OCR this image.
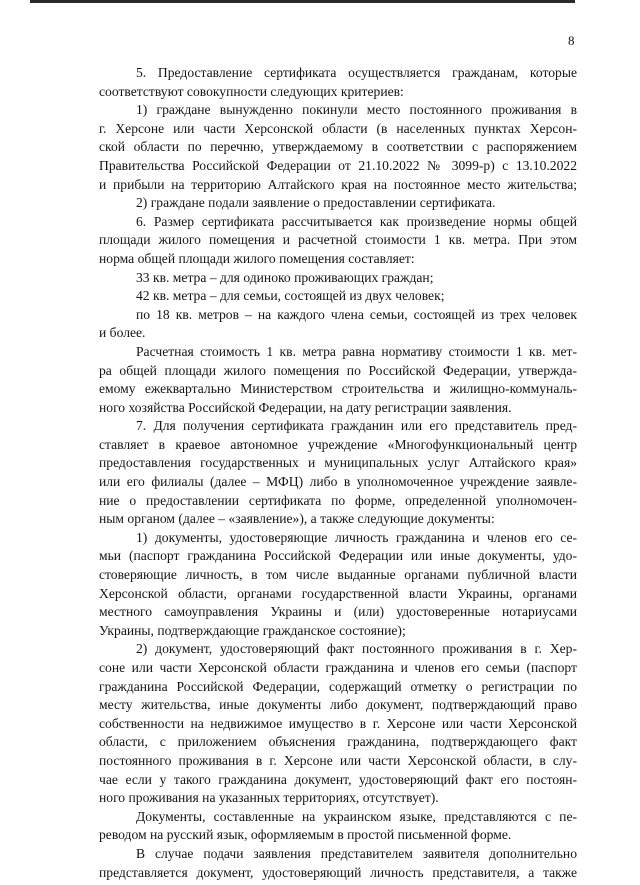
8
5. Предоставление сертификата осуществляется гражданам, которые
соответствуют совокупности следующих критериев:
1) граждане вынужденно покинули место постоянного проживания в
г. Херсоне или части Херсонской области (в населенных пунктах Херсон-
ской области по перечню, утверждаемому в соответствии с распоряжением
Правительства Российской Федерации от 21.10.2022 № 3099-р) с 13.10.2022
и прибыли на территорию Алтайского края на постоянное место жительства;
2) граждане подали заявление о предоставлении сертификата.
6. Размер сертификата рассчитывается как произведение нормы общей
площади жилого помещения и расчетной стоимости 1 кв. метра. При этом
норма общей площади жилого помещения составляет:
33 кв. метра – для одиноко проживающих граждан;
42 кв. метра – для семьи, состоящей из двух человек;
по 18 кв. метров – на каждого члена семьи, состоящей из трех человек
и более.
Расчетная стоимость 1 кв. метра равна нормативу стоимости 1 кв. мет-
ра общей площади жилого помещения по Российской Федерации, утвержда-
емому ежеквартально Министерством строительства и жилищно-коммуналь-
ного хозяйства Российской Федерации, на дату регистрации заявления.
7. Для получения сертификата гражданин или его представитель пред-
ставляет в краевое автономное учреждение «Многофункциональный центр
предоставления государственных и муниципальных услуг Алтайского края»
или его филиалы (далее – МФЦ) либо в уполномоченное учреждение заявле-
ние о предоставлении сертификата по форме, определенной уполномочен-
ным органом (далее – «заявление»), а также следующие документы:
1) документы, удостоверяющие личность гражданина и членов его се-
мьи (паспорт гражданина Российской Федерации или иные документы, удо-
стоверяющие личность, в том числе выданные органами публичной власти
Херсонской области, органами государственной власти Украины, органами
местного самоуправления Украины и (или) удостоверенные нотариусами
Украины, подтверждающие гражданское состояние);
2) документ, удостоверяющий факт постоянного проживания в г. Хер-
соне или части Херсонской области гражданина и членов его семьи (паспорт
гражданина Российской Федерации, содержащий отметку о регистрации по
месту жительства, иные документы либо документ, подтверждающий право
собственности на недвижимое имущество в г. Херсоне или части Херсонской
области, с приложением объяснения гражданина, подтверждающего факт
постоянного проживания в г. Херсоне или части Херсонской области, в слу-
чае если у такого гражданина документ, удостоверяющий факт его постоян-
ного проживания на указанных территориях, отсутствует).
Документы, составленные на украинском языке, представляются с пе-
реводом на русский язык, оформляемым в простой письменной форме.
В случае подачи заявления представителем заявителя дополнительно
представляется документ, удостоверяющий личность представителя, а также
